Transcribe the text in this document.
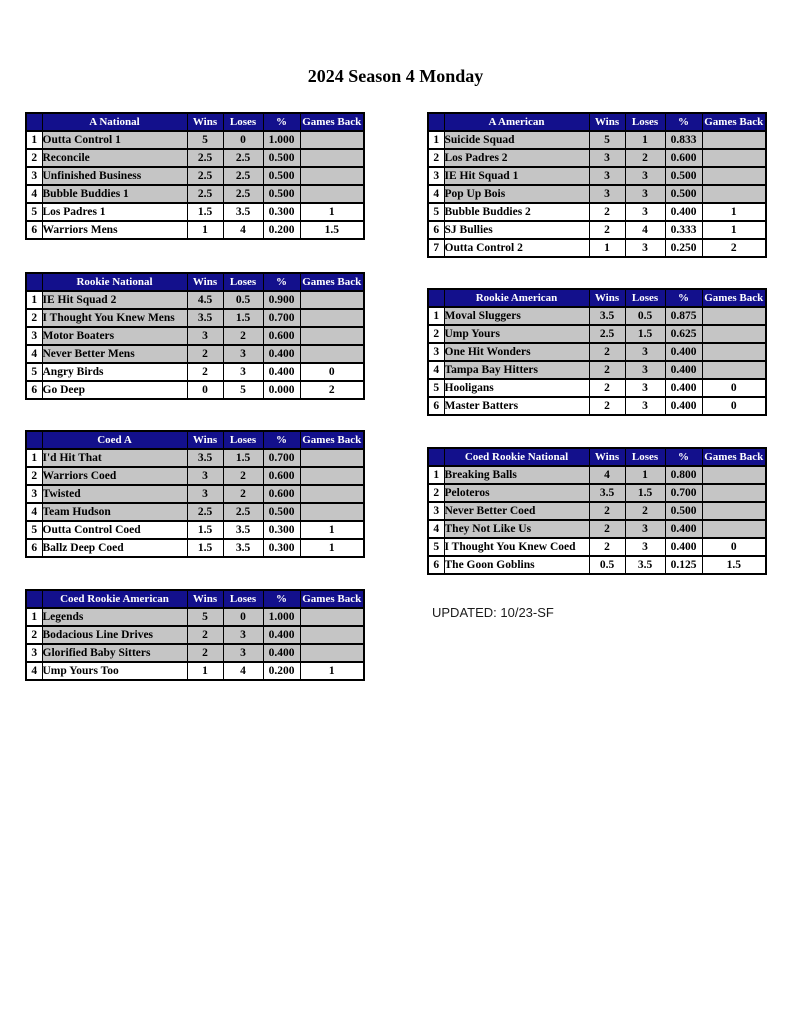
2024 Season 4 Monday
	A National	Wins	Loses	%	Games Back
1	Outta Control 1	5	0	1.000	
2	Reconcile	2.5	2.5	0.500	
3	Unfinished Business	2.5	2.5	0.500	
4	Bubble Buddies 1	2.5	2.5	0.500	
5	Los Padres 1	1.5	3.5	0.300	1
6	Warriors Mens	1	4	0.200	1.5
	A American	Wins	Loses	%	Games Back
1	Suicide Squad	5	1	0.833	
2	Los Padres 2	3	2	0.600	
3	IE Hit Squad 1	3	3	0.500	
4	Pop Up Bois	3	3	0.500	
5	Bubble Buddies 2	2	3	0.400	1
6	SJ Bullies	2	4	0.333	1
7	Outta Control 2	1	3	0.250	2
	Rookie National	Wins	Loses	%	Games Back
1	IE Hit Squad 2	4.5	0.5	0.900	
2	I Thought You Knew Mens	3.5	1.5	0.700	
3	Motor Boaters	3	2	0.600	
4	Never Better Mens	2	3	0.400	
5	Angry Birds	2	3	0.400	0
6	Go Deep	0	5	0.000	2
	Rookie American	Wins	Loses	%	Games Back
1	Moval Sluggers	3.5	0.5	0.875	
2	Ump Yours	2.5	1.5	0.625	
3	One Hit Wonders	2	3	0.400	
4	Tampa Bay Hitters	2	3	0.400	
5	Hooligans	2	3	0.400	0
6	Master Batters	2	3	0.400	0
	Coed A	Wins	Loses	%	Games Back
1	I'd Hit That	3.5	1.5	0.700	
2	Warriors Coed	3	2	0.600	
3	Twisted	3	2	0.600	
4	Team Hudson	2.5	2.5	0.500	
5	Outta Control Coed	1.5	3.5	0.300	1
6	Ballz Deep Coed	1.5	3.5	0.300	1
	Coed Rookie National	Wins	Loses	%	Games Back
1	Breaking Balls	4	1	0.800	
2	Peloteros	3.5	1.5	0.700	
3	Never Better Coed	2	2	0.500	
4	They Not Like Us	2	3	0.400	
5	I Thought You Knew Coed	2	3	0.400	0
6	The Goon Goblins	0.5	3.5	0.125	1.5
	Coed Rookie American	Wins	Loses	%	Games Back
1	Legends	5	0	1.000	
2	Bodacious Line Drives	2	3	0.400	
3	Glorified Baby Sitters	2	3	0.400	
4	Ump Yours Too	1	4	0.200	1
UPDATED: 10/23-SF
